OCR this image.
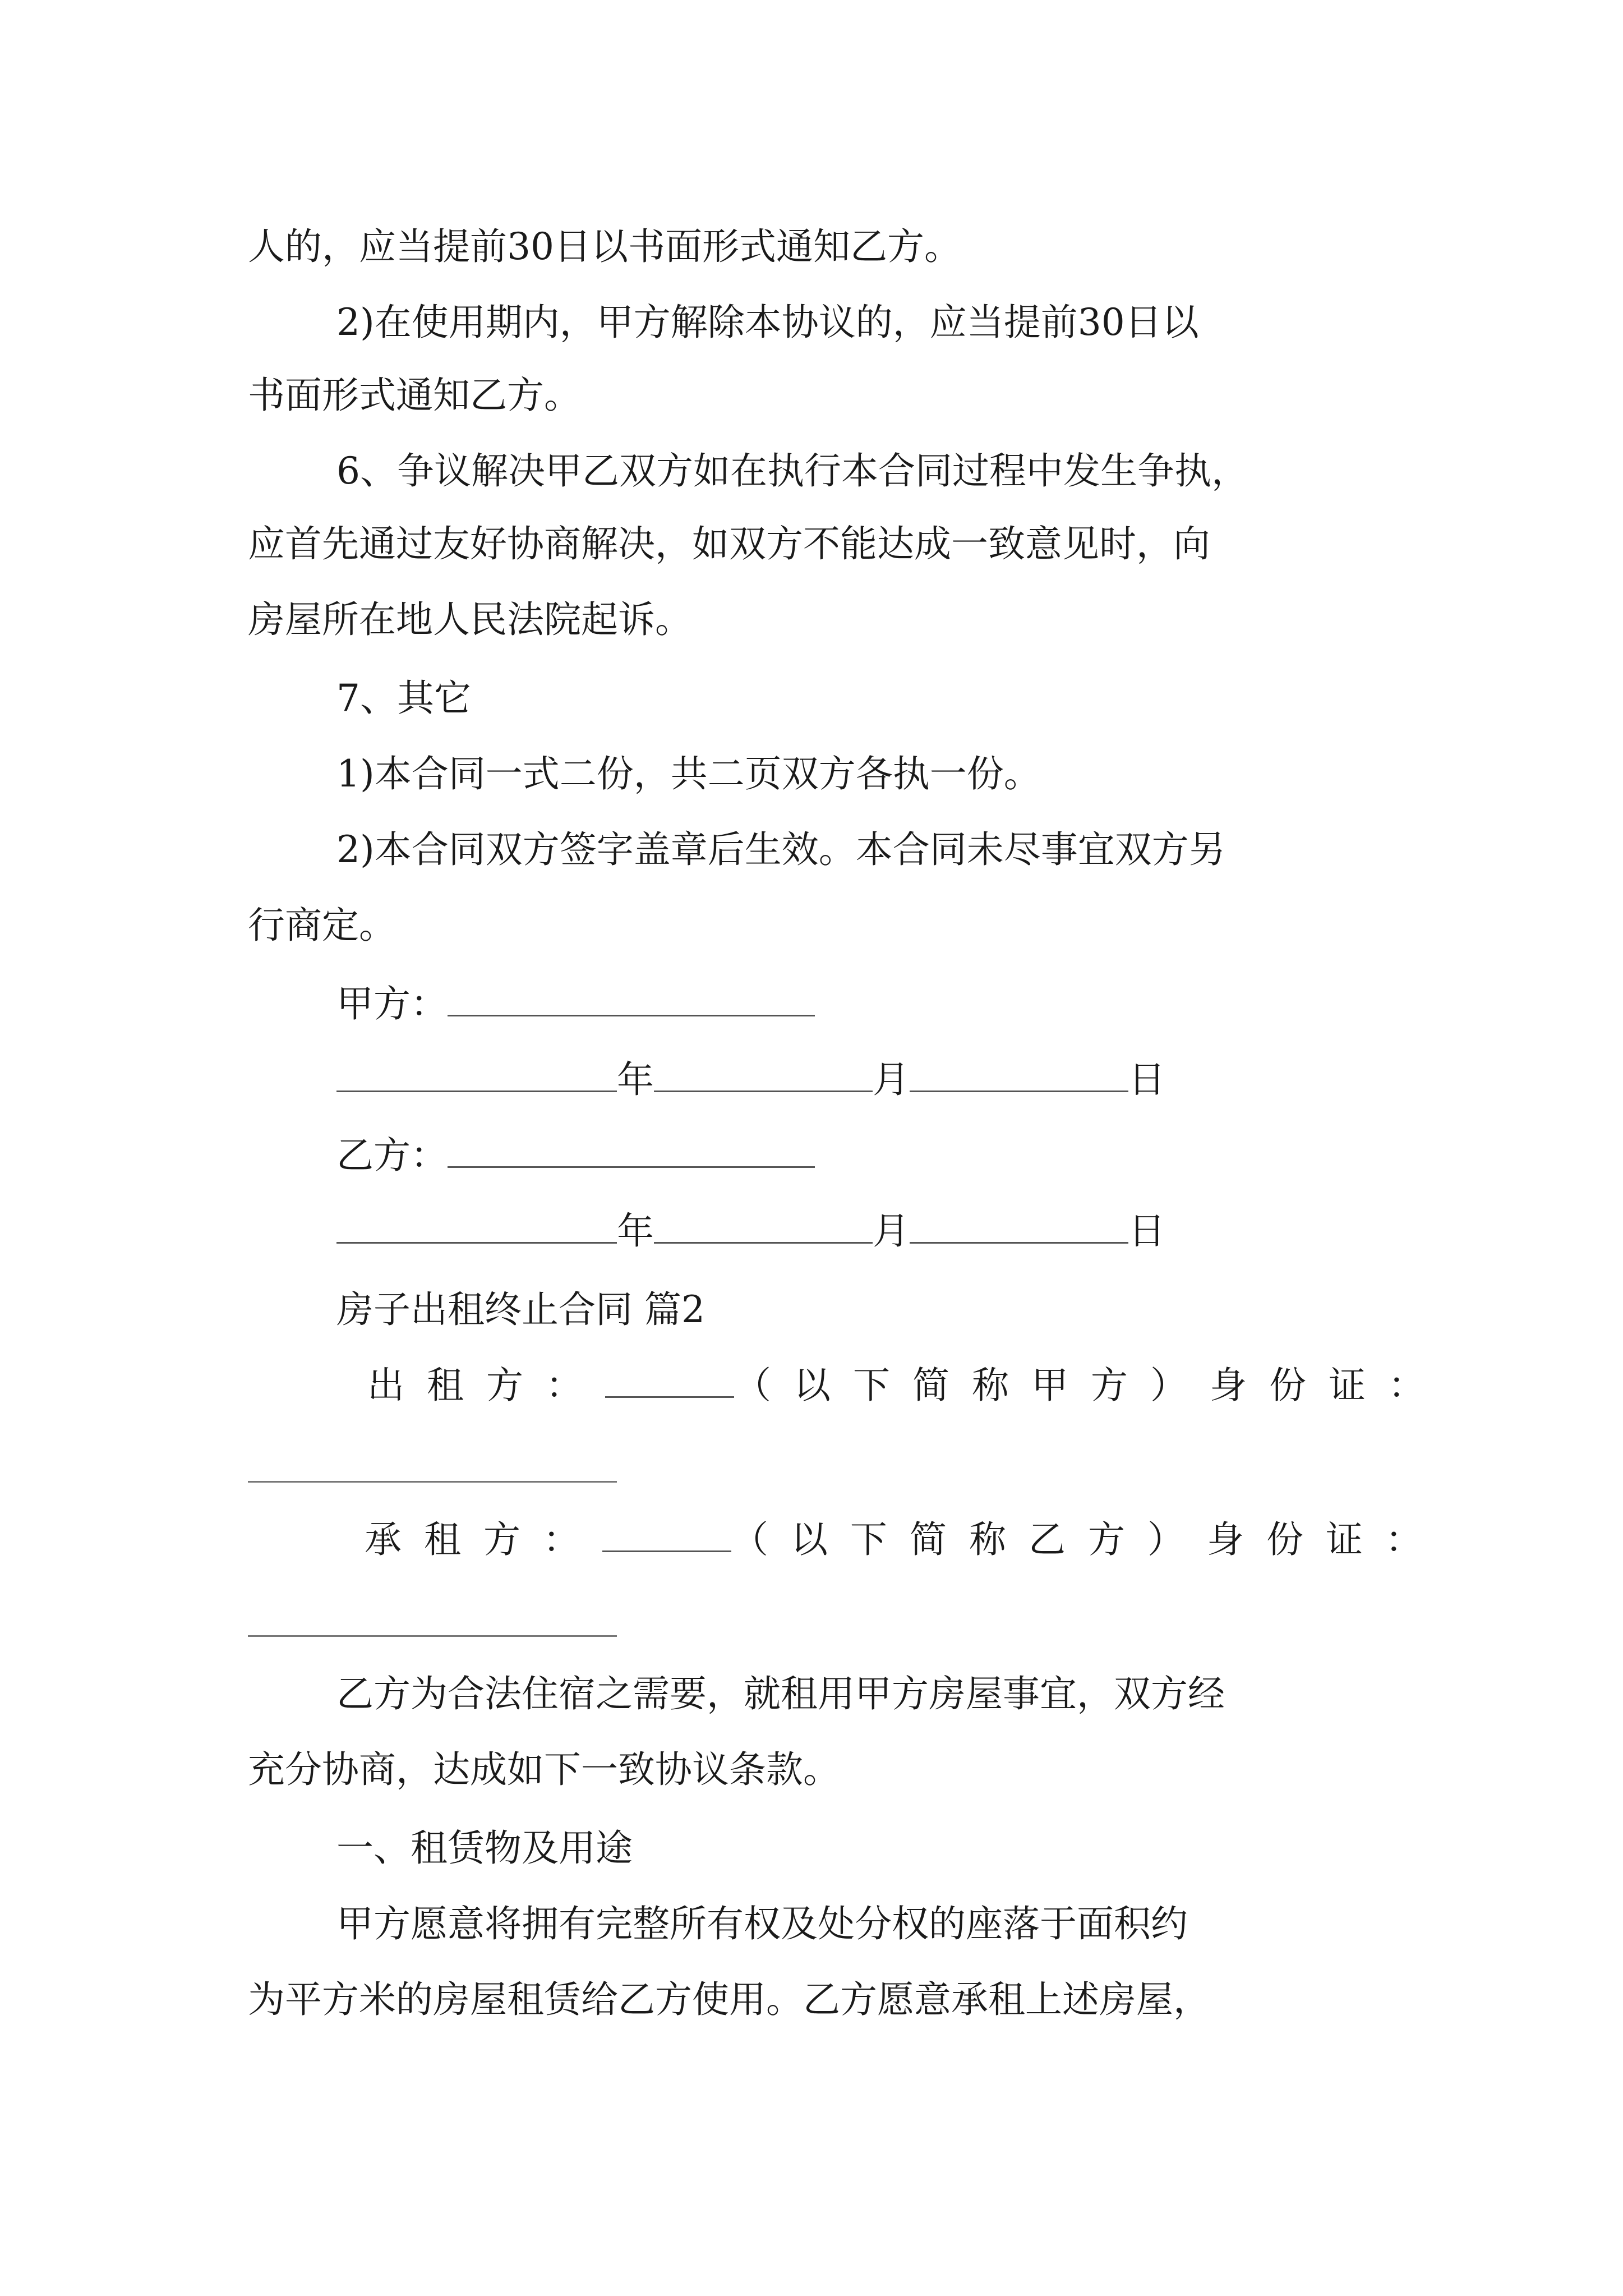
人的，应当提前30日以书面形式通知乙方。
2)在使用期内，甲方解除本协议的，应当提前30日以
书面形式通知乙方。
6、争议解决甲乙双方如在执行本合同过程中发生争执，
应首先通过友好协商解决，如双方不能达成一致意见时，向
房屋所在地人民法院起诉。
7、其它
1)本合同一式二份，共二页双方各执一份。
2)本合同双方签字盖章后生效。本合同未尽事宜双方另
行商定。
甲方：
年	月	日
乙方：
年	月	日
房子出租终止合同 篇2
出租方：	（以下简称甲方）身份证：
承租方：	（以下简称乙方）身份证：
乙方为合法住宿之需要，就租用甲方房屋事宜，双方经
充分协商，达成如下一致协议条款。
一、租赁物及用途
甲方愿意将拥有完整所有权及处分权的座落于面积约
为平方米的房屋租赁给乙方使用。乙方愿意承租上述房屋，
